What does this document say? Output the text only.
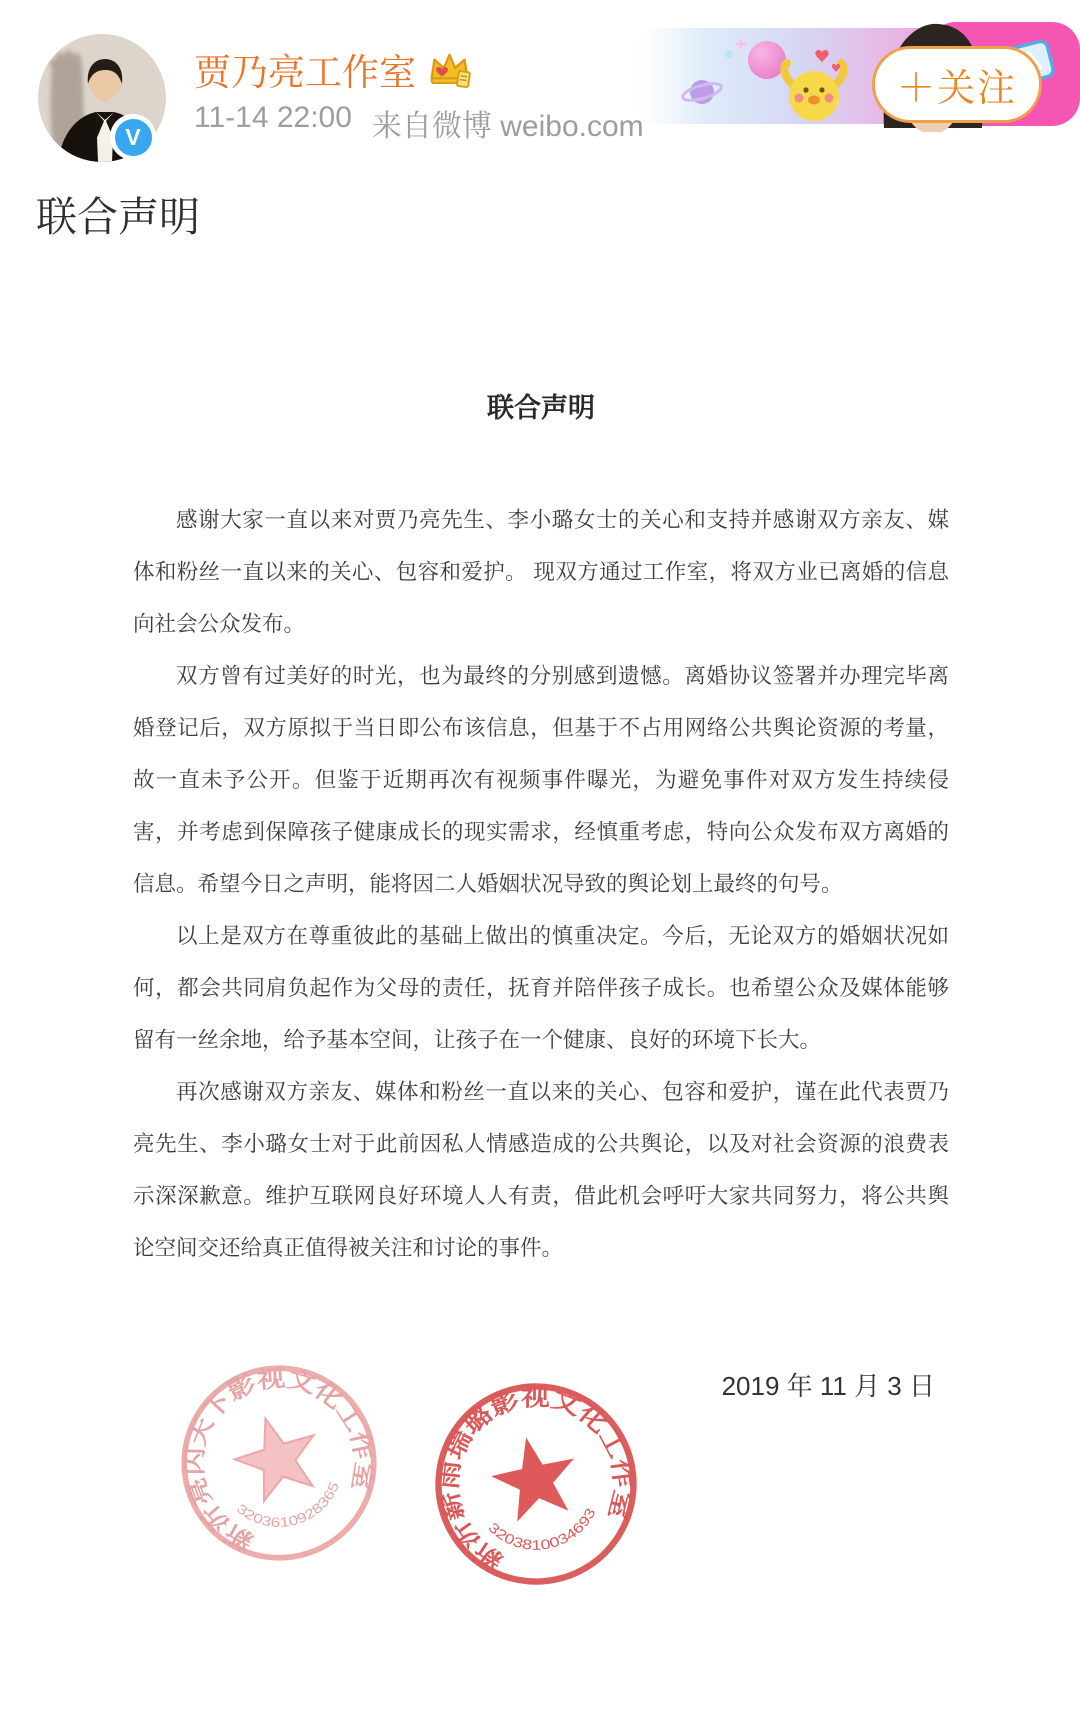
V
贾乃亮工作室
11-14 22:00 来自微博 weibo.com
＋关注
联合声明
联合声明
感谢大家一直以来对贾乃亮先生、李小璐女士的关心和支持并感谢双方亲友、媒
体和粉丝一直以来的关心、包容和爱护。 现双方通过工作室，将双方业已离婚的信息
向社会公众发布。
双方曾有过美好的时光，也为最终的分别感到遗憾。离婚协议签署并办理完毕离
婚登记后，双方原拟于当日即公布该信息，但基于不占用网络公共舆论资源的考量，
故一直未予公开。但鉴于近期再次有视频事件曝光，为避免事件对双方发生持续侵
害，并考虑到保障孩子健康成长的现实需求，经慎重考虑，特向公众发布双方离婚的
信息。希望今日之声明，能将因二人婚姻状况导致的舆论划上最终的句号。
以上是双方在尊重彼此的基础上做出的慎重决定。今后，无论双方的婚姻状况如
何，都会共同肩负起作为父母的责任，抚育并陪伴孩子成长。也希望公众及媒体能够
留有一丝余地，给予基本空间，让孩子在一个健康、良好的环境下长大。
再次感谢双方亲友、媒体和粉丝一直以来的关心、包容和爱护，谨在此代表贾乃
亮先生、李小璐女士对于此前因私人情感造成的公共舆论，以及对社会资源的浪费表
示深深歉意。维护互联网良好环境人人有责，借此机会呼吁大家共同努力，将公共舆
论空间交还给真正值得被关注和讨论的事件。
2019 年 11 月 3 日
新沂亮闪天下影视文化工作室
3203610928365
新沂薪雨瑞璐影视文化工作室
3203810034693
